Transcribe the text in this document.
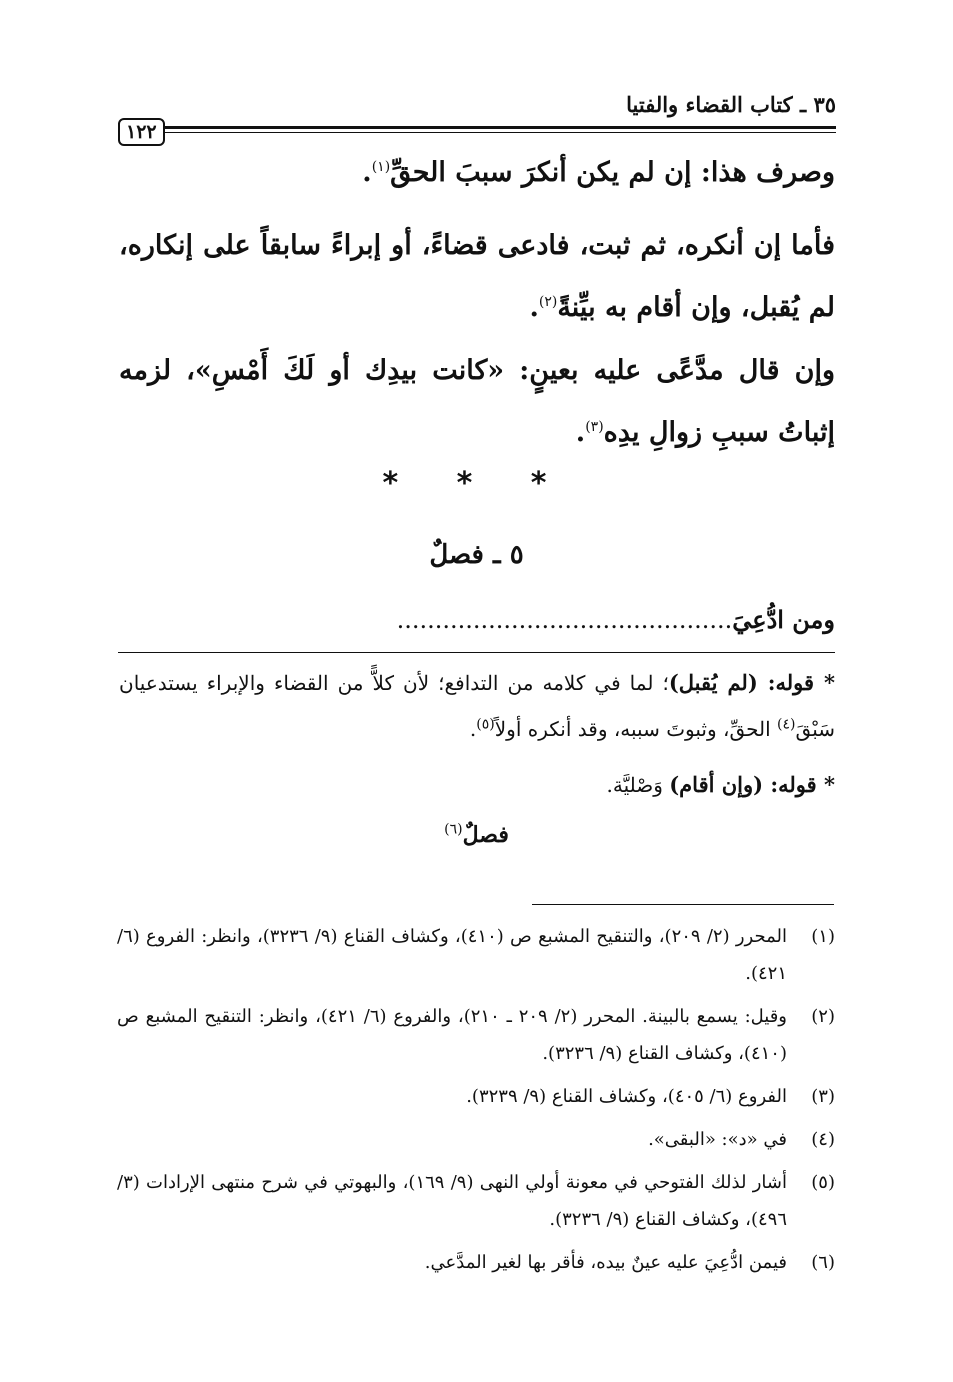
٣٥ ـ كتاب القضاء والفتيا
١٢٢

وصرف هذا: إن لم يكن أنكرَ سببَ الحقِّ$^{(١)}$.

فأما إن أنكره، ثم ثبت، فادعى قضاءً، أو إبراءً سابقاً على إنكاره، لم يُقبل، وإن أقام به بيِّنةً$^{(٢)}$.

وإن قال مدَّعًى عليه بعينٍ: «كانت بيدِك أو لَكَ أَمْسِ»، لزمه إثباتُ سببِ زوالِ يدِه$^{(٣)}$.

* * *
٥ ـ فصلٌ
ومن ادُّعِيَ............................................

* قوله: (لم يُقبل)؛ لما في كلامه من التدافع؛ لأن كلاًّ من القضاء والإبراء يستدعيان سَبْقَ$^{(٤)}$ الحقِّ، وثبوتَ سببه، وقد أنكره أولاً$^{(٥)}$.

* قوله: (وإن أقام) وَصْليَّة.

فصلٌ$^{(٦)}$
(١)
المحرر (٢/ ٢٠٩)، والتنقيح المشبع ص (٤١٠)، وكشاف القناع (٩/ ٣٢٣٦)، وانظر: الفروع (٦/ ٤٢١).
(٢)
وقيل: يسمع بالبينة. المحرر (٢/ ٢٠٩ ـ ٢١٠)، والفروع (٦/ ٤٢١)، وانظر: التنقيح المشبع ص (٤١٠)، وكشاف القناع (٩/ ٣٢٣٦).
(٣)
الفروع (٦/ ٤٠٥)، وكشاف القناع (٩/ ٣٢٣٩).
(٤)
في «د»: «البقى».
(٥)
أشار لذلك الفتوحي في معونة أولي النهى (٩/ ١٦٩)، والبهوتي في شرح منتهى الإرادات (٣/ ٤٩٦)، وكشاف القناع (٩/ ٣٢٣٦).
(٦)
فيمن ادُّعِيَ عليه عينٌ بيده، فأقر بها لغير المدَّعي.
